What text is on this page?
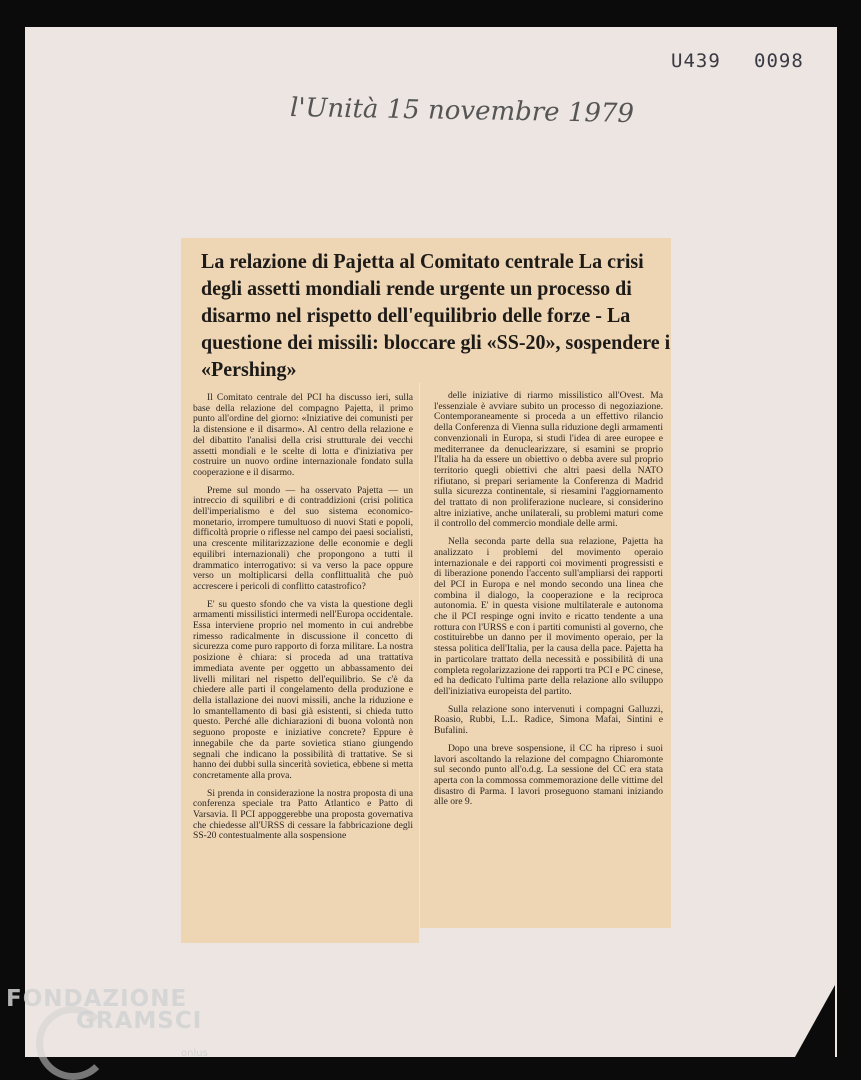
U439 0098
l'Unità 15 novembre 1979
La relazione di Pajetta al Comitato centrale La crisi degli assetti mondiali rende urgente un processo di disarmo nel rispetto dell'equilibrio delle forze - La questione dei missili: bloccare gli «SS-20», sospendere i «Pershing»

Il Comitato centrale del PCI ha discusso ieri, sulla base della relazione del compagno Pajetta, il primo punto all'ordine del giorno: «Iniziative dei comunisti per la distensione e il disarmo». Al centro della relazione e del dibattito l'analisi della crisi strutturale dei vecchi assetti mondiali e le scelte di lotta e d'iniziativa per costruire un nuovo ordine internazionale fondato sulla cooperazione e il disarmo.

Preme sul mondo — ha osservato Pajetta — un intreccio di squilibri e di contraddizioni (crisi politica dell'imperialismo e del suo sistema economico-monetario, irrompere tumultuoso di nuovi Stati e popoli, difficoltà proprie o riflesse nel campo dei paesi socialisti, una crescente militarizzazione delle economie e degli equilibri internazionali) che propongono a tutti il drammatico interrogativo: si va verso la pace oppure verso un moltiplicarsi della conflittualità che può accrescere i pericoli di conflitto catastrofico?

E' su questo sfondo che va vista la questione degli armamenti missilistici intermedi nell'Europa occidentale. Essa interviene proprio nel momento in cui andrebbe rimesso radicalmente in discussione il concetto di sicurezza come puro rapporto di forza militare. La nostra posizione è chiara: si proceda ad una trattativa immediata avente per oggetto un abbassamento dei livelli militari nel rispetto dell'equilibrio. Se c'è da chiedere alle parti il congelamento della produzione e della istallazione dei nuovi missili, anche la riduzione e lo smantellamento di basi già esistenti, si chieda tutto questo. Perché alle dichiarazioni di buona volontà non seguono proposte e iniziative concrete? Eppure è innegabile che da parte sovietica stiano giungendo segnali che indicano la possibilità di trattative. Se si hanno dei dubbi sulla sincerità sovietica, ebbene si metta concretamente alla prova.

Si prenda in considerazione la nostra proposta di una conferenza speciale tra Patto Atlantico e Patto di Varsavia. Il PCI appoggerebbe una proposta governativa che chiedesse all'URSS di cessare la fabbricazione degli SS-20 contestualmente alla sospensione

delle iniziative di riarmo missilistico all'Ovest. Ma l'essenziale è avviare subito un processo di negoziazione. Contemporaneamente si proceda a un effettivo rilancio della Conferenza di Vienna sulla riduzione degli armamenti convenzionali in Europa, si studi l'idea di aree europee e mediterranee da denuclearizzare, si esamini se proprio l'Italia ha da essere un obiettivo o debba avere sul proprio territorio quegli obiettivi che altri paesi della NATO rifiutano, si prepari seriamente la Conferenza di Madrid sulla sicurezza continentale, si riesamini l'aggiornamento del trattato di non proliferazione nucleare, si considerino altre iniziative, anche unilaterali, su problemi maturi come il controllo del commercio mondiale delle armi.

Nella seconda parte della sua relazione, Pajetta ha analizzato i problemi del movimento operaio internazionale e dei rapporti coi movimenti progressisti e di liberazione ponendo l'accento sull'ampliarsi dei rapporti del PCI in Europa e nel mondo secondo una linea che combina il dialogo, la cooperazione e la reciproca autonomia. E' in questa visione multilaterale e autonoma che il PCI respinge ogni invito e ricatto tendente a una rottura con l'URSS e con i partiti comunisti al governo, che costituirebbe un danno per il movimento operaio, per la stessa politica dell'Italia, per la causa della pace. Pajetta ha in particolare trattato della necessità e possibilità di una completa regolarizzazione dei rapporti tra PCI e PC cinese, ed ha dedicato l'ultima parte della relazione allo sviluppo dell'iniziativa europeista del partito.

Sulla relazione sono intervenuti i compagni Galluzzi, Roasio, Rubbi, L.L. Radice, Simona Mafai, Sintini e Bufalini.

Dopo una breve sospensione, il CC ha ripreso i suoi lavori ascoltando la relazione del compagno Chiaromonte sul secondo punto all'o.d.g. La sessione del CC era stata aperta con la commossa commemorazione delle vittime del disastro di Parma. I lavori proseguono stamani iniziando alle ore 9.

FONDAZIONE
GRAMSCI
onlus
